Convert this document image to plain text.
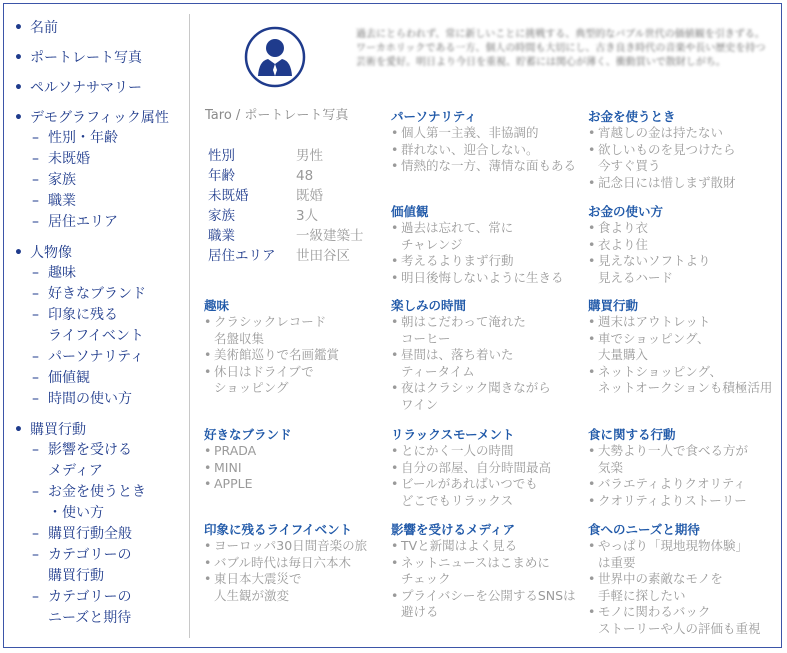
• 名前
• ポートレート写真
• ペルソナサマリー
• デモグラフィック属性
– 性別・年齢
– 未既婚
– 家族
– 職業
– 居住エリア
• 人物像
– 趣味
– 好きなブランド
– 印象に残る
ライフイベント
– パーソナリティ
– 価値観
– 時間の使い方
• 購買行動
– 影響を受ける
メディア
– お金を使うとき
・使い方
– 購買行動全般
– カテゴリーの
購買行動
– カテゴリーの
ニーズと期待
Taro / ポートレート写真
過去にとらわれず、常に新しいことに挑戦する、典型的なバブル世代の価値観を引きずる。ワーカホリックである一方、個人の時間も大切にし、古き良き時代の音楽や長い歴史を持つ芸術を愛好。明日より今日を重視、貯蓄には関心が薄く、衝動買いで散財しがち。
性別	男性
年齢	48
未既婚	既婚
家族	3人
職業	一級建築士
居住エリア	世田谷区
パーソナリティ
• 個人第一主義、非協調的
• 群れない、迎合しない。
• 情熱的な一方、薄情な面もある
お金を使うとき
• 宵越しの金は持たない
• 欲しいものを見つけたら
今すぐ買う
• 記念日には惜しまず散財
価値観
• 過去は忘れて、常に
チャレンジ
• 考えるよりまず行動
• 明日後悔しないように生きる
お金の使い方
• 食より衣
• 衣より住
• 見えないソフトより
見えるハード
趣味
• クラシックレコード
名盤収集
• 美術館巡りで名画鑑賞
• 休日はドライブで
ショッピング
楽しみの時間
• 朝はこだわって淹れた
コーヒー
• 昼間は、落ち着いた
ティータイム
• 夜はクラシック聞きながら
ワイン
購買行動
• 週末はアウトレット
• 車でショッピング、
大量購入
• ネットショッピング、
ネットオークションも積極活用
好きなブランド
• PRADA
• MINI
• APPLE
リラックスモーメント
• とにかく一人の時間
• 自分の部屋、自分時間最高
• ビールがあればいつでも
どこでもリラックス
食に関する行動
• 大勢より一人で食べる方が
気楽
• バラエティよりクオリティ
• クオリティよりストーリー
印象に残るライフイベント
• ヨーロッパ30日間音楽の旅
• バブル時代は毎日六本木
• 東日本大震災で
人生観が激変
影響を受けるメディア
• TVと新聞はよく見る
• ネットニュースはこまめに
チェック
• プライバシーを公開するSNSは
避ける
食へのニーズと期待
• やっぱり「現地現物体験」
は重要
• 世界中の素敵なモノを
手軽に探したい
• モノに関わるバック
ストーリーや人の評価も重視
